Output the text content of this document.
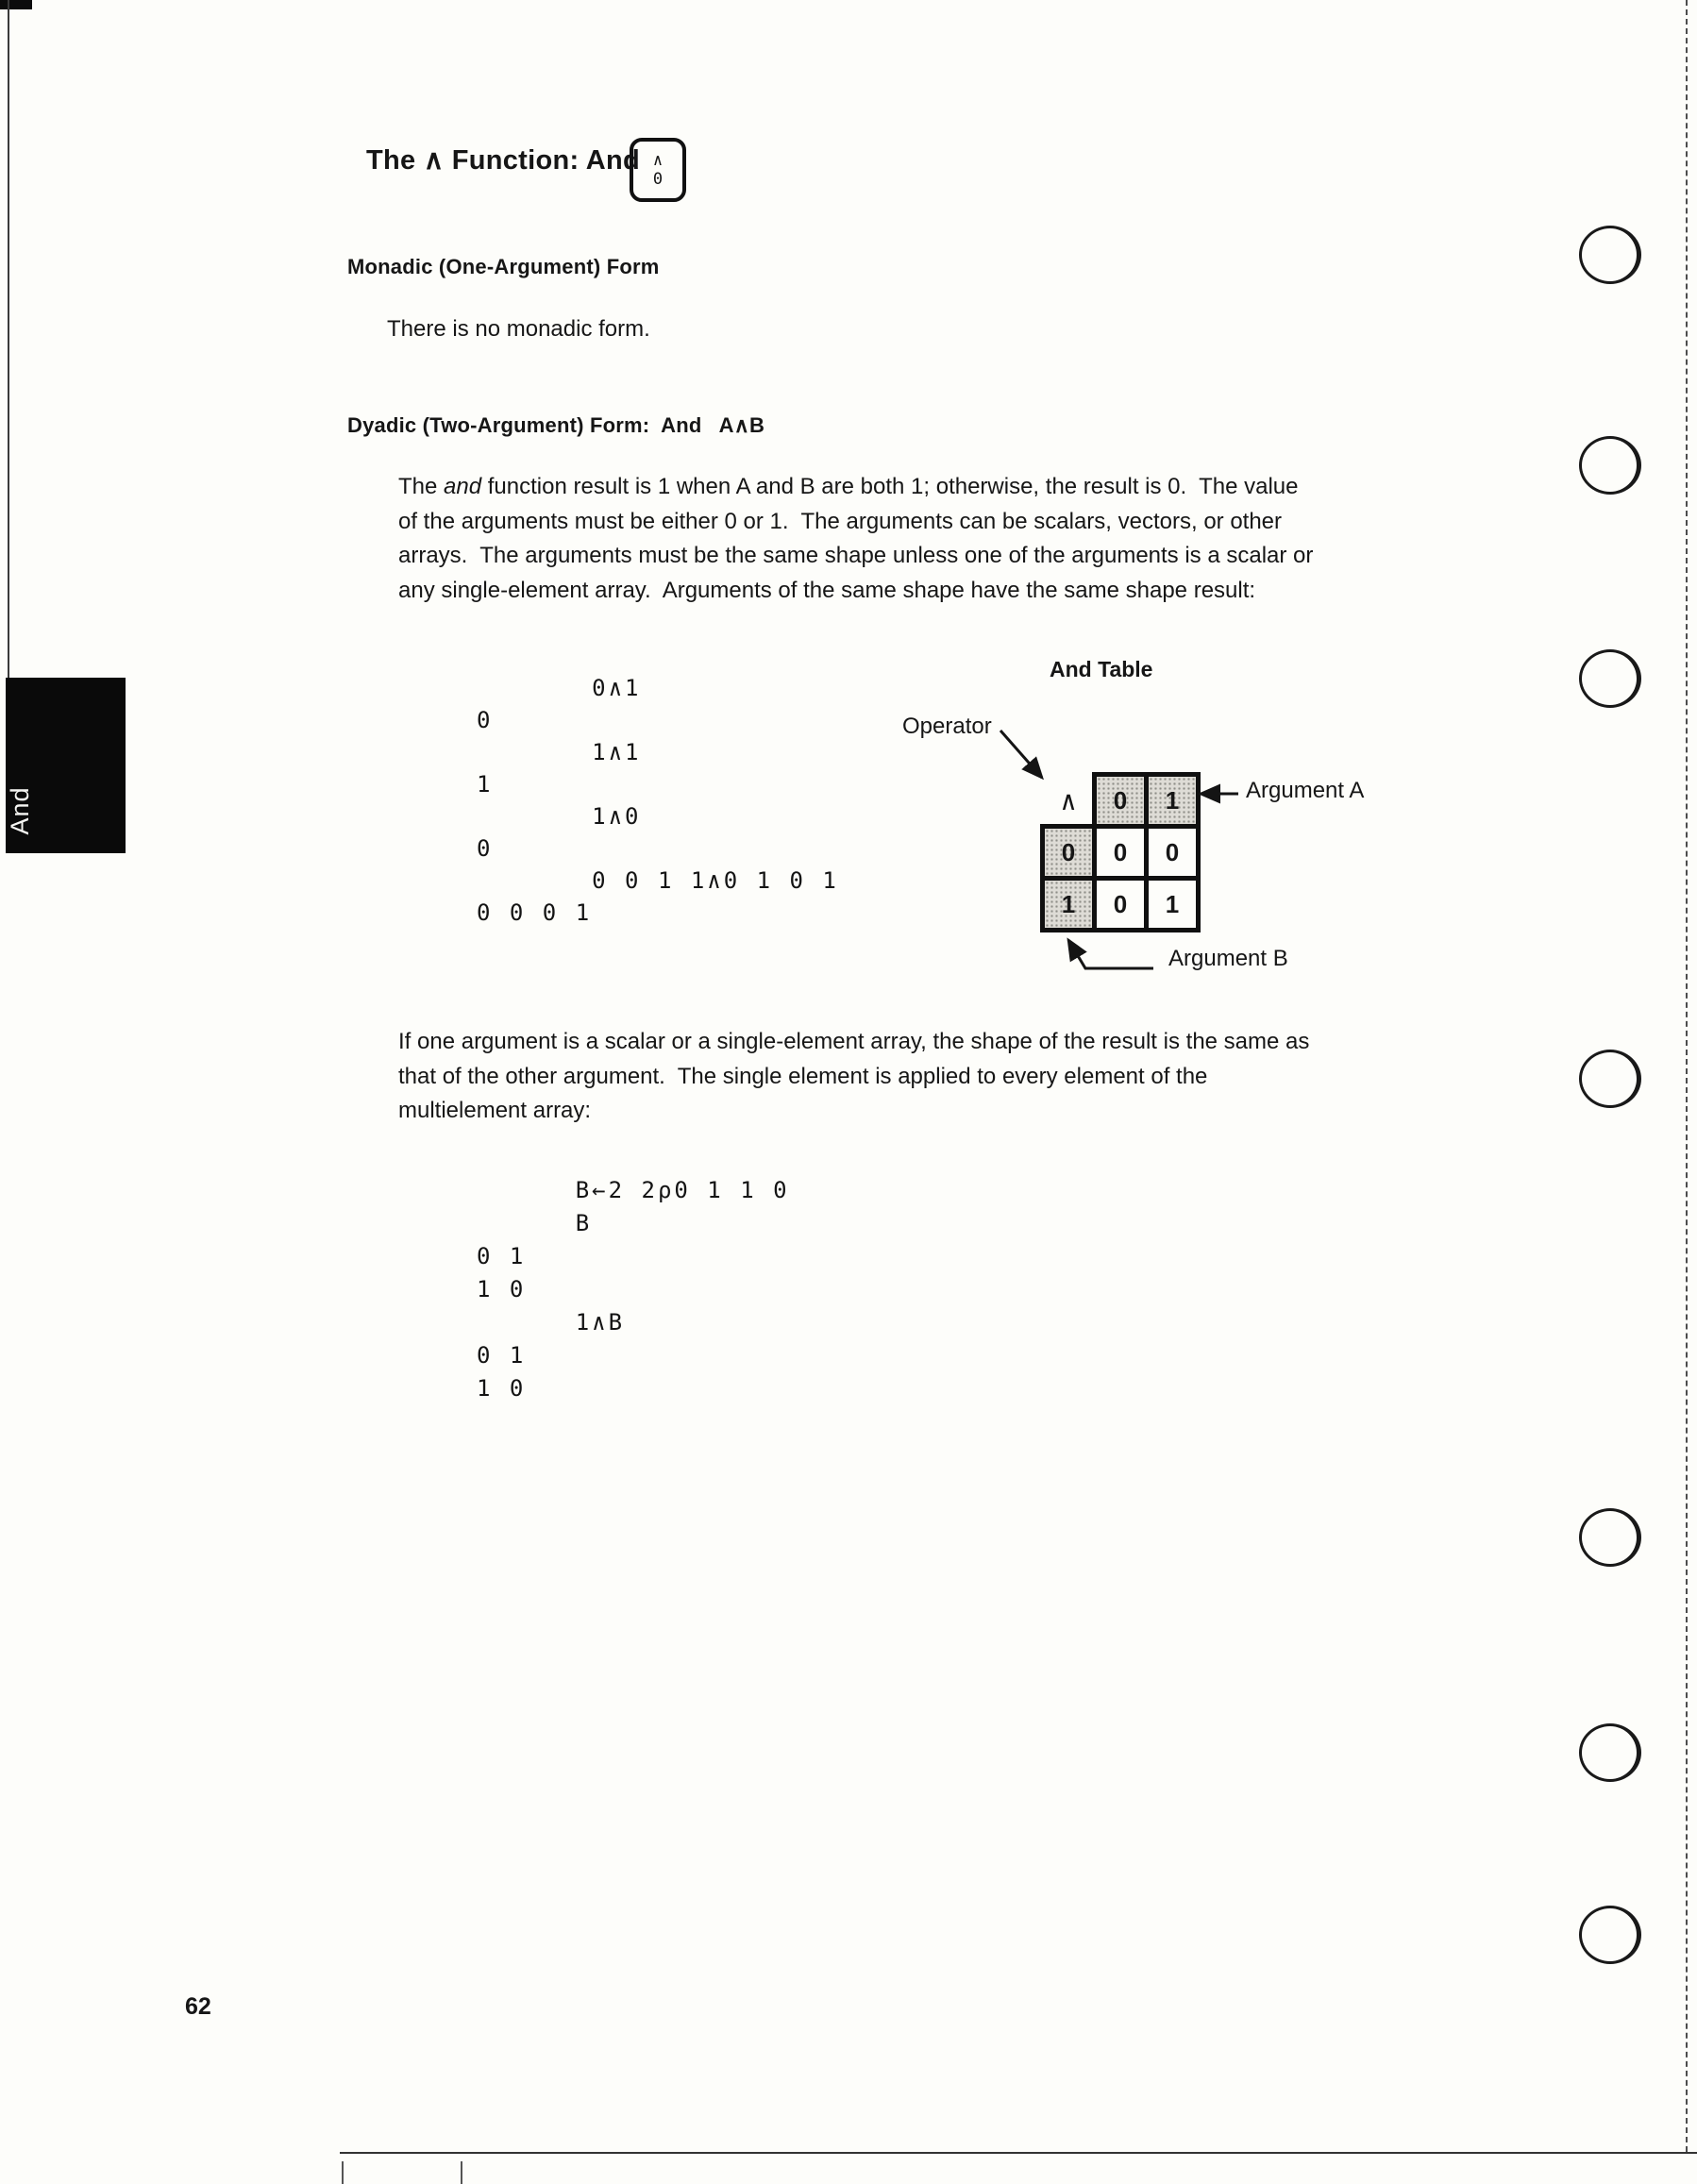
And
The ∧ Function: And ∧
0
Monadic (One-Argument) Form

There is no monadic form.

Dyadic (Two-Argument) Form:  And   A∧B

The and function result is 1 when A and B are both 1; otherwise, the result is 0.  The value of the arguments must be either 0 or 1.  The arguments can be scalars, vectors, or other arrays.  The arguments must be the same shape unless one of the arguments is a scalar or any single-element array.  Arguments of the same shape have the same shape result:

0∧1
0
1∧1
1
1∧0
0
0 0 1 1∧0 1 0 1
0 0 0 1
And Table
Operator
Argument A
Argument B
∧	0	1
0	0	0
1	0	1

If one argument is a scalar or a single-element array, the shape of the result is the same as that of the other argument.  The single element is applied to every element of the multielement array:

B←2 2ρ0 1 1 0
B
0 1
1 0
1∧B
0 1
1 0

62
